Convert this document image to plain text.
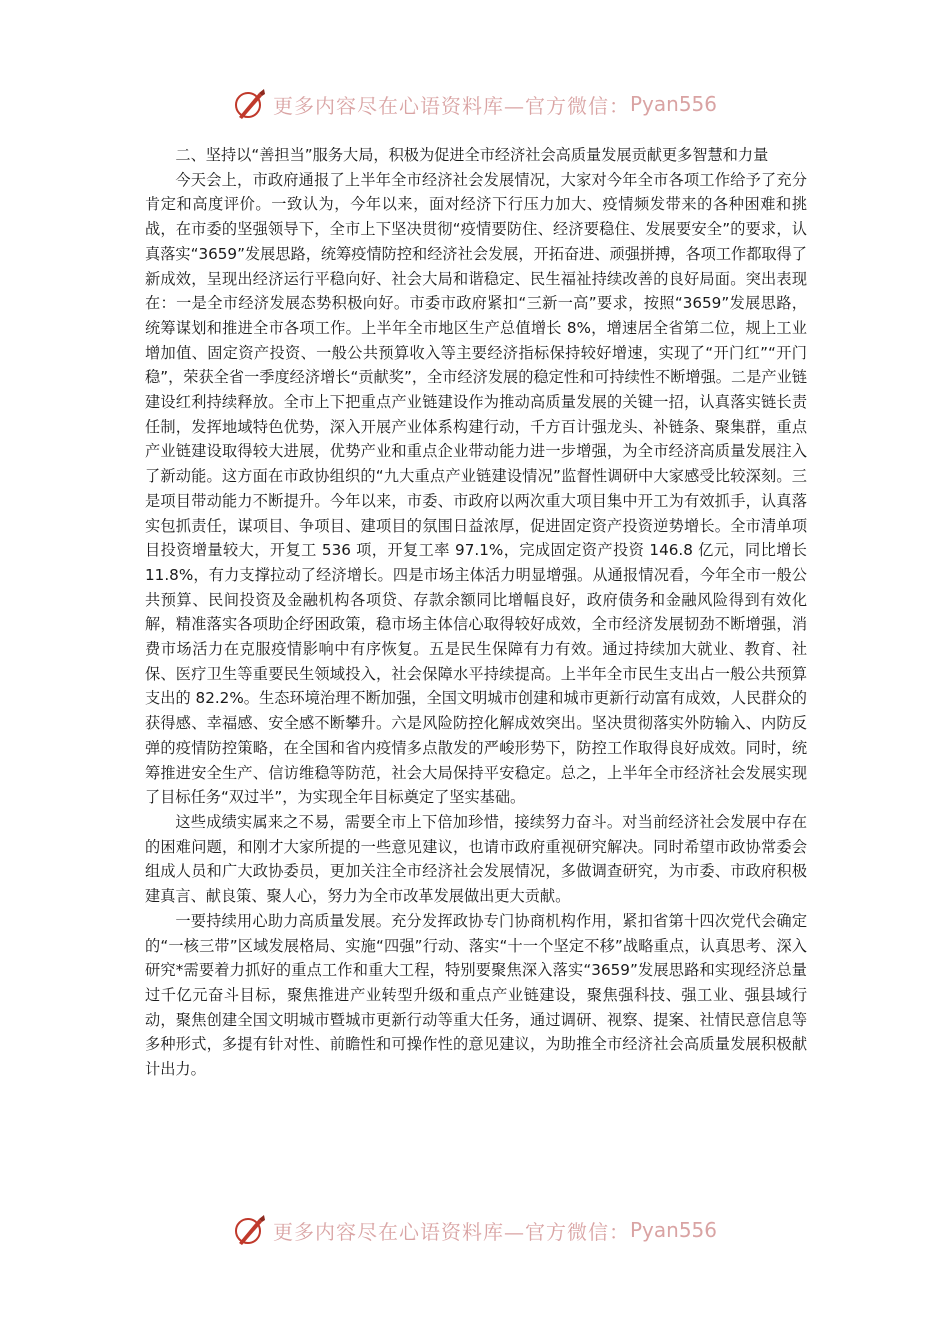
更多内容尽在心语资料库—官方微信： Pyan556

二、坚持以“善担当”服务大局，积极为促进全市经济社会高质量发展贡献更多智慧和力量

今天会上，市政府通报了上半年全市经济社会发展情况，大家对今年全市各项工作给予了充分肯定和高度评价。一致认为，今年以来，面对经济下行压力加大、疫情频发带来的各种困难和挑战，在市委的坚强领导下，全市上下坚决贯彻“疫情要防住、经济要稳住、发展要安全”的要求，认真落实“3659”发展思路，统筹疫情防控和经济社会发展，开拓奋进、顽强拼搏，各项工作都取得了新成效，呈现出经济运行平稳向好、社会大局和谐稳定、民生福祉持续改善的良好局面。突出表现在：一是全市经济发展态势积极向好。市委市政府紧扣“三新一高”要求，按照“3659”发展思路，统筹谋划和推进全市各项工作。上半年全市地区生产总值增长 8%，增速居全省第二位，规上工业增加值、固定资产投资、一般公共预算收入等主要经济指标保持较好增速，实现了“开门红”“开门稳”，荣获全省一季度经济增长“贡献奖”，全市经济发展的稳定性和可持续性不断增强。二是产业链建设红利持续释放。全市上下把重点产业链建设作为推动高质量发展的关键一招，认真落实链长责任制，发挥地域特色优势，深入开展产业体系构建行动，千方百计强龙头、补链条、聚集群，重点产业链建设取得较大进展，优势产业和重点企业带动能力进一步增强，为全市经济高质量发展注入了新动能。这方面在市政协组织的“九大重点产业链建设情况”监督性调研中大家感受比较深刻。三是项目带动能力不断提升。今年以来，市委、市政府以两次重大项目集中开工为有效抓手，认真落实包抓责任，谋项目、争项目、建项目的氛围日益浓厚，促进固定资产投资逆势增长。全市清单项目投资增量较大，开复工 536 项，开复工率 97.1%，完成固定资产投资 146.8 亿元，同比增长 11.8%，有力支撑拉动了经济增长。四是市场主体活力明显增强。从通报情况看，今年全市一般公共预算、民间投资及金融机构各项贷、存款余额同比增幅良好，政府债务和金融风险得到有效化解，精准落实各项助企纾困政策，稳市场主体信心取得较好成效，全市经济发展韧劲不断增强，消费市场活力在克服疫情影响中有序恢复。五是民生保障有力有效。通过持续加大就业、教育、社保、医疗卫生等重要民生领域投入，社会保障水平持续提高。上半年全市民生支出占一般公共预算支出的 82.2%。生态环境治理不断加强，全国文明城市创建和城市更新行动富有成效，人民群众的获得感、幸福感、安全感不断攀升。六是风险防控化解成效突出。坚决贯彻落实外防输入、内防反弹的疫情防控策略，在全国和省内疫情多点散发的严峻形势下，防控工作取得良好成效。同时，统筹推进安全生产、信访维稳等防范，社会大局保持平安稳定。总之，上半年全市经济社会发展实现了目标任务“双过半”，为实现全年目标奠定了坚实基础。

这些成绩实属来之不易，需要全市上下倍加珍惜，接续努力奋斗。对当前经济社会发展中存在的困难问题，和刚才大家所提的一些意见建议，也请市政府重视研究解决。同时希望市政协常委会组成人员和广大政协委员，更加关注全市经济社会发展情况，多做调查研究，为市委、市政府积极建真言、献良策、聚人心，努力为全市改革发展做出更大贡献。

一要持续用心助力高质量发展。充分发挥政协专门协商机构作用，紧扣省第十四次党代会确定的“一核三带”区域发展格局、实施“四强”行动、落实“十一个坚定不移”战略重点，认真思考、深入研究*需要着力抓好的重点工作和重大工程，特别要聚焦深入落实“3659”发展思路和实现经济总量过千亿元奋斗目标，聚焦推进产业转型升级和重点产业链建设，聚焦强科技、强工业、强县域行动，聚焦创建全国文明城市暨城市更新行动等重大任务，通过调研、视察、提案、社情民意信息等多种形式，多提有针对性、前瞻性和可操作性的意见建议，为助推全市经济社会高质量发展积极献计出力。

更多内容尽在心语资料库—官方微信： Pyan556
